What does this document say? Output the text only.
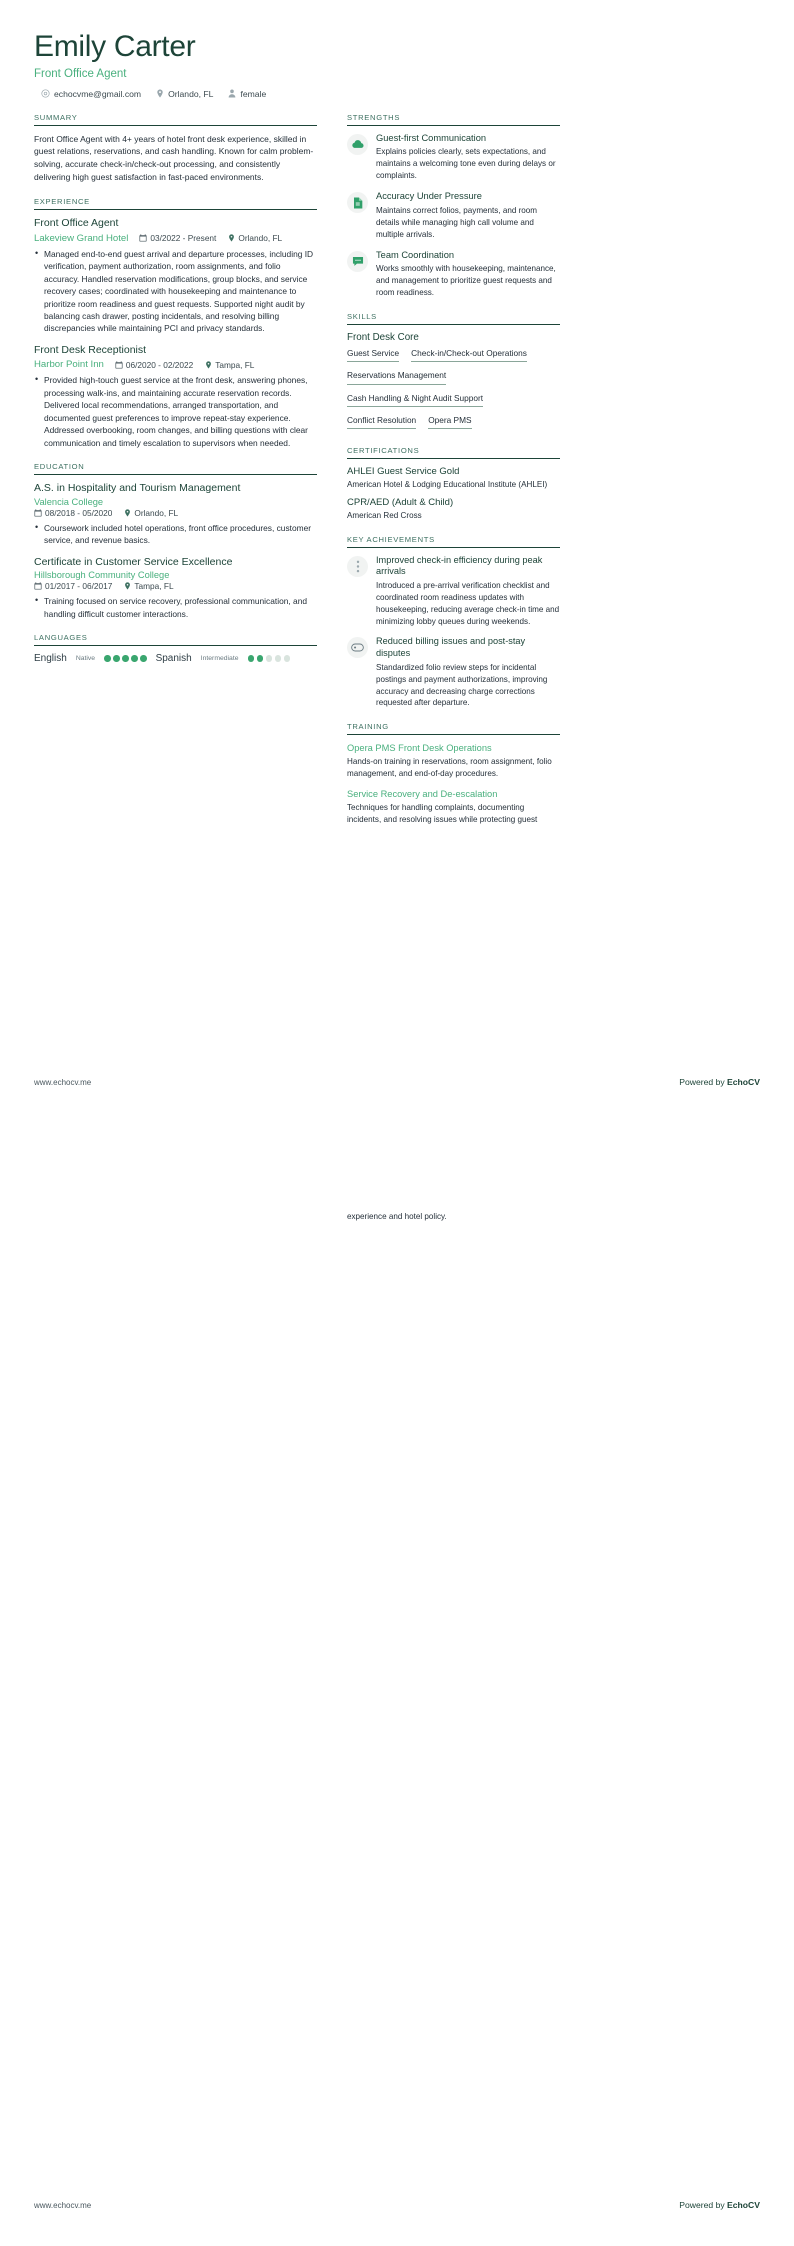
Emily Carter
Front Office Agent
echocvme@gmail.com	Orlando, FL	female
SUMMARY
Front Office Agent with 4+ years of hotel front desk experience, skilled in guest relations, reservations, and cash handling. Known for calm problem-solving, accurate check-in/check-out processing, and consistently delivering high guest satisfaction in fast-paced environments.
EXPERIENCE
Front Office Agent
Lakeview Grand Hotel	03/2022 - Present	Orlando, FL
• Managed end-to-end guest arrival and departure processes, including ID verification, payment authorization, room assignments, and folio accuracy. Handled reservation modifications, group blocks, and service recovery cases; coordinated with housekeeping and maintenance to prioritize room readiness and guest requests. Supported night audit by balancing cash drawer, posting incidentals, and resolving billing discrepancies while maintaining PCI and privacy standards.
Front Desk Receptionist
Harbor Point Inn	06/2020 - 02/2022	Tampa, FL
• Provided high-touch guest service at the front desk, answering phones, processing walk-ins, and maintaining accurate reservation records. Delivered local recommendations, arranged transportation, and documented guest preferences to improve repeat-stay experience. Addressed overbooking, room changes, and billing questions with clear communication and timely escalation to supervisors when needed.
EDUCATION
A.S. in Hospitality and Tourism Management
Valencia College
08/2018 - 05/2020	Orlando, FL
• Coursework included hotel operations, front office procedures, customer service, and revenue basics.
Certificate in Customer Service Excellence
Hillsborough Community College
01/2017 - 06/2017	Tampa, FL
• Training focused on service recovery, professional communication, and handling difficult customer interactions.
LANGUAGES
English Native	Spanish Intermediate
STRENGTHS
Guest-first Communication
Explains policies clearly, sets expectations, and maintains a welcoming tone even during delays or complaints.
Accuracy Under Pressure
Maintains correct folios, payments, and room details while managing high call volume and multiple arrivals.
Team Coordination
Works smoothly with housekeeping, maintenance, and management to prioritize guest requests and room readiness.
SKILLS
Front Desk Core
Guest Service Check-in/Check-out Operations
Reservations Management
Cash Handling & Night Audit Support
Conflict Resolution Opera PMS
CERTIFICATIONS
AHLEI Guest Service Gold
American Hotel & Lodging Educational Institute (AHLEI)
CPR/AED (Adult & Child)
American Red Cross
KEY ACHIEVEMENTS
Improved check-in efficiency during peak arrivals
Introduced a pre-arrival verification checklist and coordinated room readiness updates with housekeeping, reducing average check-in time and minimizing lobby queues during weekends.
Reduced billing issues and post-stay disputes
Standardized folio review steps for incidental postings and payment authorizations, improving accuracy and decreasing charge corrections requested after departure.
TRAINING
Opera PMS Front Desk Operations
Hands-on training in reservations, room assignment, folio management, and end-of-day procedures.
Service Recovery and De-escalation
Techniques for handling complaints, documenting incidents, and resolving issues while protecting guest
www.echocv.me	Powered by EchoCV
experience and hotel policy.
www.echocv.me	Powered by EchoCV
